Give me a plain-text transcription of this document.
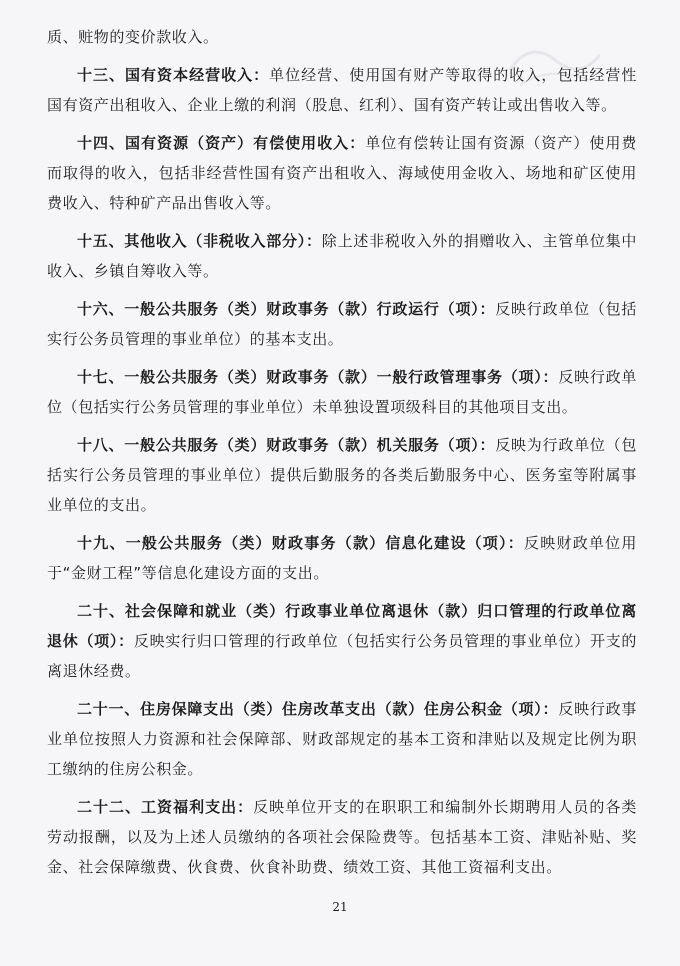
质、赃物的变价款收入。

十三、国有资本经营收入：单位经营、使用国有财产等取得的收入，包括经营性国有资产出租收入、企业上缴的利润（股息、红利）、国有资产转让或出售收入等。

十四、国有资源（资产）有偿使用收入：单位有偿转让国有资源（资产）使用费而取得的收入，包括非经营性国有资产出租收入、海域使用金收入、场地和矿区使用费收入、特种矿产品出售收入等。

十五、其他收入（非税收入部分）：除上述非税收入外的捐赠收入、主管单位集中收入、乡镇自筹收入等。

十六、一般公共服务（类）财政事务（款）行政运行（项）：反映行政单位（包括实行公务员管理的事业单位）的基本支出。

十七、一般公共服务（类）财政事务（款）一般行政管理事务（项）：反映行政单位（包括实行公务员管理的事业单位）未单独设置项级科目的其他项目支出。

十八、一般公共服务（类）财政事务（款）机关服务（项）：反映为行政单位（包括实行公务员管理的事业单位）提供后勤服务的各类后勤服务中心、医务室等附属事业单位的支出。

十九、一般公共服务（类）财政事务（款）信息化建设（项）：反映财政单位用于“金财工程”等信息化建设方面的支出。

二十、社会保障和就业（类）行政事业单位离退休（款）归口管理的行政单位离退休（项）：反映实行归口管理的行政单位（包括实行公务员管理的事业单位）开支的离退休经费。

二十一、住房保障支出（类）住房改革支出（款）住房公积金（项）：反映行政事业单位按照人力资源和社会保障部、财政部规定的基本工资和津贴以及规定比例为职工缴纳的住房公积金。

二十二、工资福利支出：反映单位开支的在职职工和编制外长期聘用人员的各类劳动报酬，以及为上述人员缴纳的各项社会保险费等。包括基本工资、津贴补贴、奖金、社会保障缴费、伙食费、伙食补助费、绩效工资、其他工资福利支出。

21
